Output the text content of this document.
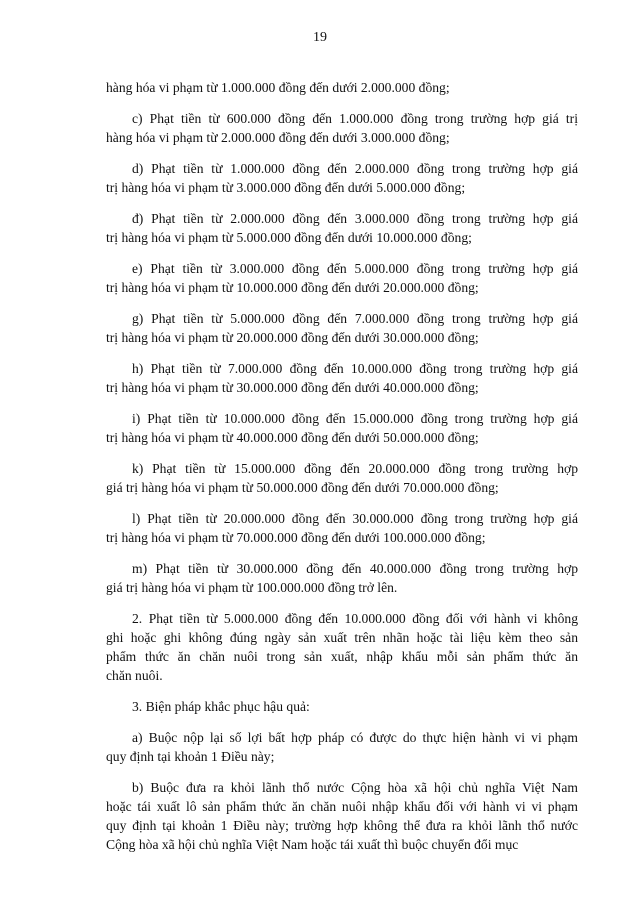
19

hàng hóa vi phạm từ 1.000.000 đồng đến dưới 2.000.000 đồng;

c) Phạt tiền từ 600.000 đồng đến 1.000.000 đồng trong trường hợp giá trị
hàng hóa vi phạm từ 2.000.000 đồng đến dưới 3.000.000 đồng;

d) Phạt tiền từ 1.000.000 đồng đến 2.000.000 đồng trong trường hợp giá
trị hàng hóa vi phạm từ 3.000.000 đồng đến dưới 5.000.000 đồng;

đ) Phạt tiền từ 2.000.000 đồng đến 3.000.000 đồng trong trường hợp giá
trị hàng hóa vi phạm từ 5.000.000 đồng đến dưới 10.000.000 đồng;

e) Phạt tiền từ 3.000.000 đồng đến 5.000.000 đồng trong trường hợp giá
trị hàng hóa vi phạm từ 10.000.000 đồng đến dưới 20.000.000 đồng;

g) Phạt tiền từ 5.000.000 đồng đến 7.000.000 đồng trong trường hợp giá
trị hàng hóa vi phạm từ 20.000.000 đồng đến dưới 30.000.000 đồng;

h) Phạt tiền từ 7.000.000 đồng đến 10.000.000 đồng trong trường hợp giá
trị hàng hóa vi phạm từ 30.000.000 đồng đến dưới 40.000.000 đồng;

i) Phạt tiền từ 10.000.000 đồng đến 15.000.000 đồng trong trường hợp giá
trị hàng hóa vi phạm từ 40.000.000 đồng đến dưới 50.000.000 đồng;

k) Phạt tiền từ 15.000.000 đồng đến 20.000.000 đồng trong trường hợp
giá trị hàng hóa vi phạm từ 50.000.000 đồng đến dưới 70.000.000 đồng;

l) Phạt tiền từ 20.000.000 đồng đến 30.000.000 đồng trong trường hợp giá
trị hàng hóa vi phạm từ 70.000.000 đồng đến dưới 100.000.000 đồng;

m) Phạt tiền từ 30.000.000 đồng đến 40.000.000 đồng trong trường hợp
giá trị hàng hóa vi phạm từ 100.000.000 đồng trở lên.

2. Phạt tiền từ 5.000.000 đồng đến 10.000.000 đồng đối với hành vi không
ghi hoặc ghi không đúng ngày sản xuất trên nhãn hoặc tài liệu kèm theo sản
phẩm thức ăn chăn nuôi trong sản xuất, nhập khẩu mỗi sản phẩm thức ăn
chăn nuôi.

3. Biện pháp khắc phục hậu quả:

a) Buộc nộp lại số lợi bất hợp pháp có được do thực hiện hành vi vi phạm
quy định tại khoản 1 Điều này;

b) Buộc đưa ra khỏi lãnh thổ nước Cộng hòa xã hội chủ nghĩa Việt Nam
hoặc tái xuất lô sản phẩm thức ăn chăn nuôi nhập khẩu đối với hành vi vi phạm
quy định tại khoản 1 Điều này; trường hợp không thể đưa ra khỏi lãnh thổ nước
Cộng hòa xã hội chủ nghĩa Việt Nam hoặc tái xuất thì buộc chuyển đổi mục
